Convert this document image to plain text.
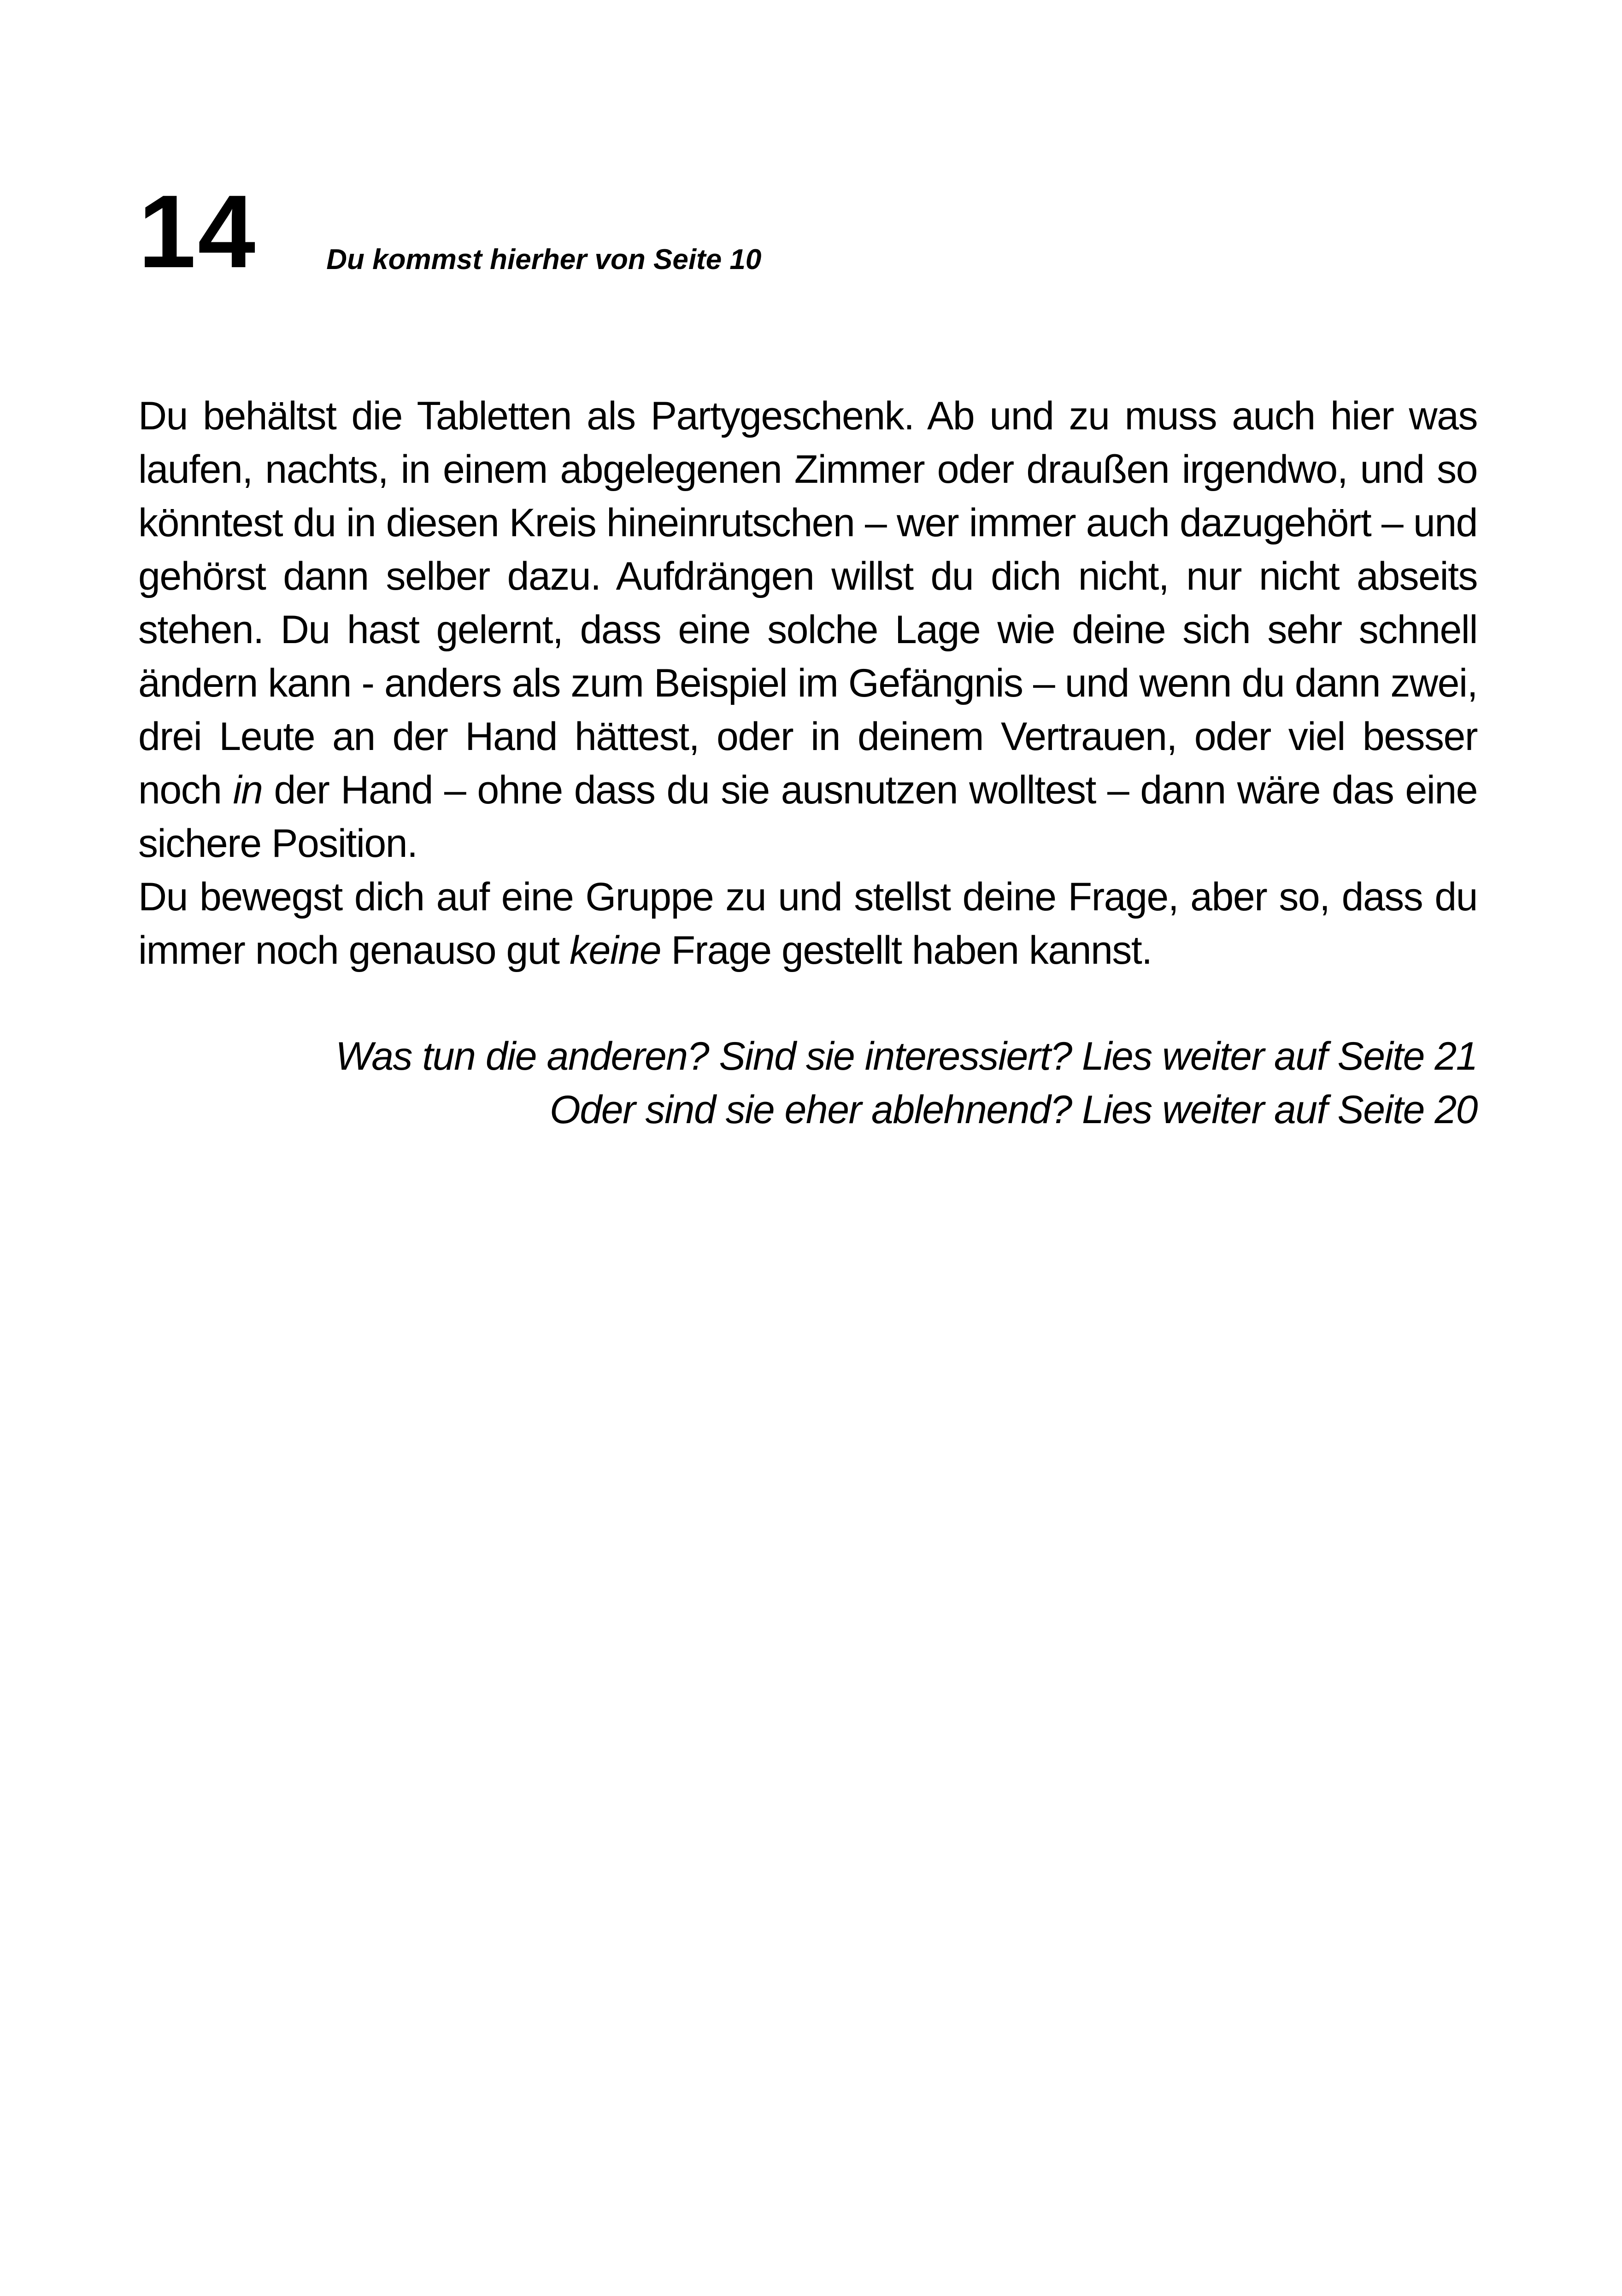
14 Du kommst hierher von Seite 10

Du behältst die Tabletten als Partygeschenk. Ab und zu muss auch hier was laufen, nachts, in einem abgelegenen Zimmer oder draußen irgendwo, und so könntest du in diesen Kreis hineinrutschen – wer immer auch dazugehört – und gehörst dann selber dazu. Aufdrängen willst du dich nicht, nur nicht abseits stehen. Du hast gelernt, dass eine solche Lage wie deine sich sehr schnell ändern kann - anders als zum Beispiel im Gefängnis – und wenn du dann zwei, drei Leute an der Hand hättest, oder in deinem Vertrauen, oder viel besser noch in der Hand – ohne dass du sie ausnutzen wolltest – dann wäre das eine sichere Position.

Du bewegst dich auf eine Gruppe zu und stellst deine Frage, aber so, dass du immer noch genauso gut keine Frage gestellt haben kannst.

Was tun die anderen? Sind sie interessiert? Lies weiter auf Seite 21
Oder sind sie eher ablehnend? Lies weiter auf Seite 20
